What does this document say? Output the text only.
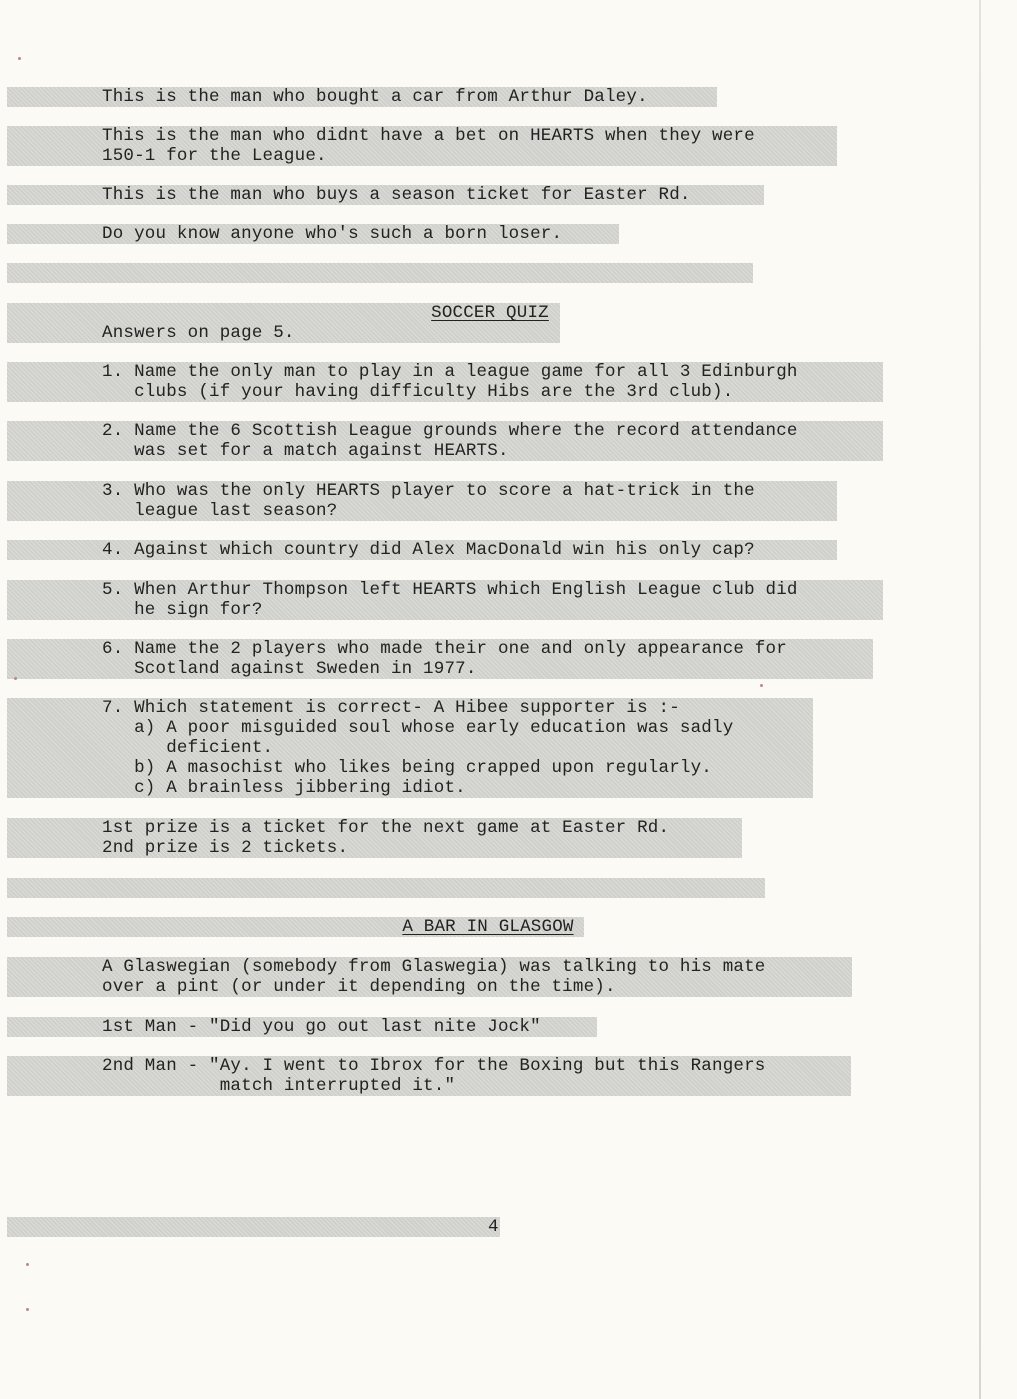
This is the man who bought a car from Arthur Daley.
This is the man who didnt have a bet on HEARTS when they were
150-1 for the League.
This is the man who buys a season ticket for Easter Rd.
Do you know anyone who's such a born loser.
SOCCER QUIZ
Answers on page 5.
1. Name the only man to play in a league game for all 3 Edinburgh
clubs (if your having difficulty Hibs are the 3rd club).
2. Name the 6 Scottish League grounds where the record attendance
was set for a match against HEARTS.
3. Who was the only HEARTS player to score a hat-trick in the
league last season?
4. Against which country did Alex MacDonald win his only cap?
5. When Arthur Thompson left HEARTS which English League club did
he sign for?
6. Name the 2 players who made their one and only appearance for
Scotland against Sweden in 1977.
7. Which statement is correct- A Hibee supporter is :-
a) A poor misguided soul whose early education was sadly
deficient.
b) A masochist who likes being crapped upon regularly.
c) A brainless jibbering idiot.
1st prize is a ticket for the next game at Easter Rd.
2nd prize is 2 tickets.
A BAR IN GLASGOW
A Glaswegian (somebody from Glaswegia) was talking to his mate
over a pint (or under it depending on the time).
1st Man - "Did you go out last nite Jock"
2nd Man - "Ay. I went to Ibrox for the Boxing but this Rangers
match interrupted it."
4
